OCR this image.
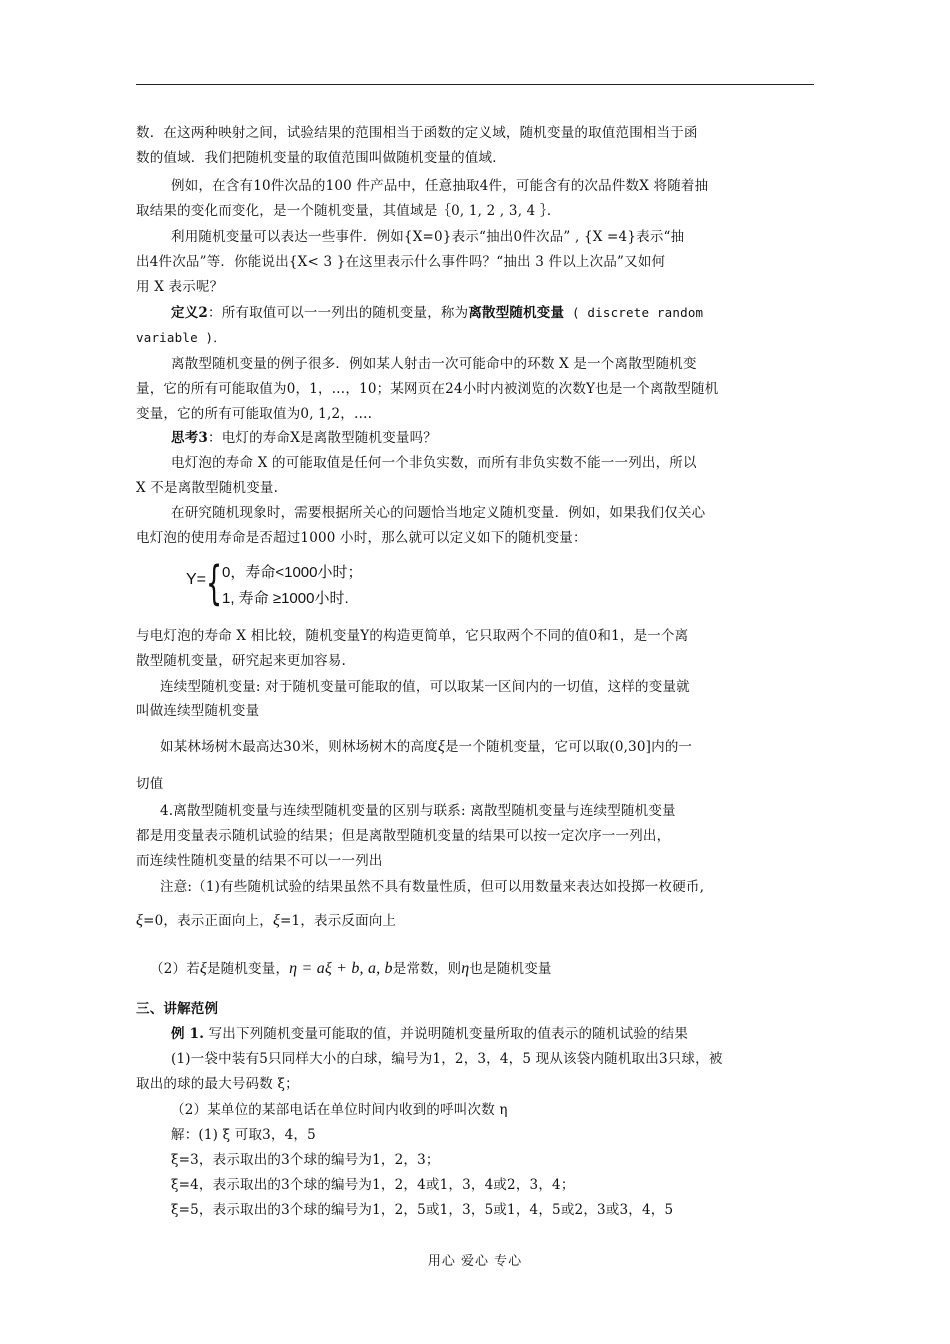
数．在这两种映射之间，试验结果的范围相当于函数的定义域，随机变量的取值范围相当于函
数的值域．我们把随机变量的取值范围叫做随机变量的值域．
例如，在含有10件次品的100 件产品中，任意抽取4件，可能含有的次品件数X 将随着抽
取结果的变化而变化，是一个随机变量，其值域是｛0, 1, 2 , 3, 4 ｝．
利用随机变量可以表达一些事件．例如{X=0}表示“抽出0件次品” , {X =4}表示“抽
出4件次品”等．你能说出{X< 3 }在这里表示什么事件吗？“抽出 3 件以上次品”又如何
用 X 表示呢？
定义2：所有取值可以一一列出的随机变量，称为离散型随机变量 ( discrete random
variable )．
离散型随机变量的例子很多．例如某人射击一次可能命中的环数 X 是一个离散型随机变
量，它的所有可能取值为0，1，…，10；某网页在24小时内被浏览的次数Y也是一个离散型随机
变量，它的所有可能取值为0, 1,2，….
思考3：电灯的寿命X是离散型随机变量吗？
电灯泡的寿命 X 的可能取值是任何一个非负实数，而所有非负实数不能一一列出，所以
X 不是离散型随机变量.
在研究随机现象时，需要根据所关心的问题恰当地定义随机变量．例如，如果我们仅关心
电灯泡的使用寿命是否超过1000 小时，那么就可以定义如下的随机变量：
Y= { 0，寿命<1000小时；
1, 寿命 ≥1000小时.
与电灯泡的寿命 X 相比较，随机变量Y的构造更简单，它只取两个不同的值0和1，是一个离
散型随机变量，研究起来更加容易.
连续型随机变量: 对于随机变量可能取的值，可以取某一区间内的一切值，这样的变量就
叫做连续型随机变量
如某林场树木最高达30米，则林场树木的高度ξ是一个随机变量，它可以取(0,30]内的一
切值
4.离散型随机变量与连续型随机变量的区别与联系: 离散型随机变量与连续型随机变量
都是用变量表示随机试验的结果；但是离散型随机变量的结果可以按一定次序一一列出，
而连续性随机变量的结果不可以一一列出
注意:（1)有些随机试验的结果虽然不具有数量性质，但可以用数量来表达如投掷一枚硬币,
ξ=0，表示正面向上，ξ=1，表示反面向上
（2）若ξ是随机变量，η = aξ + b, a, b是常数，则η也是随机变量
三、讲解范例
例 1. 写出下列随机变量可能取的值，并说明随机变量所取的值表示的随机试验的结果
(1)一袋中装有5只同样大小的白球，编号为1，2，3，4，5 现从该袋内随机取出3只球，被
取出的球的最大号码数 ξ；
（2）某单位的某部电话在单位时间内收到的呼叫次数 η
解：(1) ξ 可取3，4，5
ξ=3，表示取出的3个球的编号为1，2，3；
ξ=4，表示取出的3个球的编号为1，2，4或1，3，4或2，3，4；
ξ=5，表示取出的3个球的编号为1，2，5或1，3，5或1，4，5或2，3或3，4，5
用心 爱心 专心
